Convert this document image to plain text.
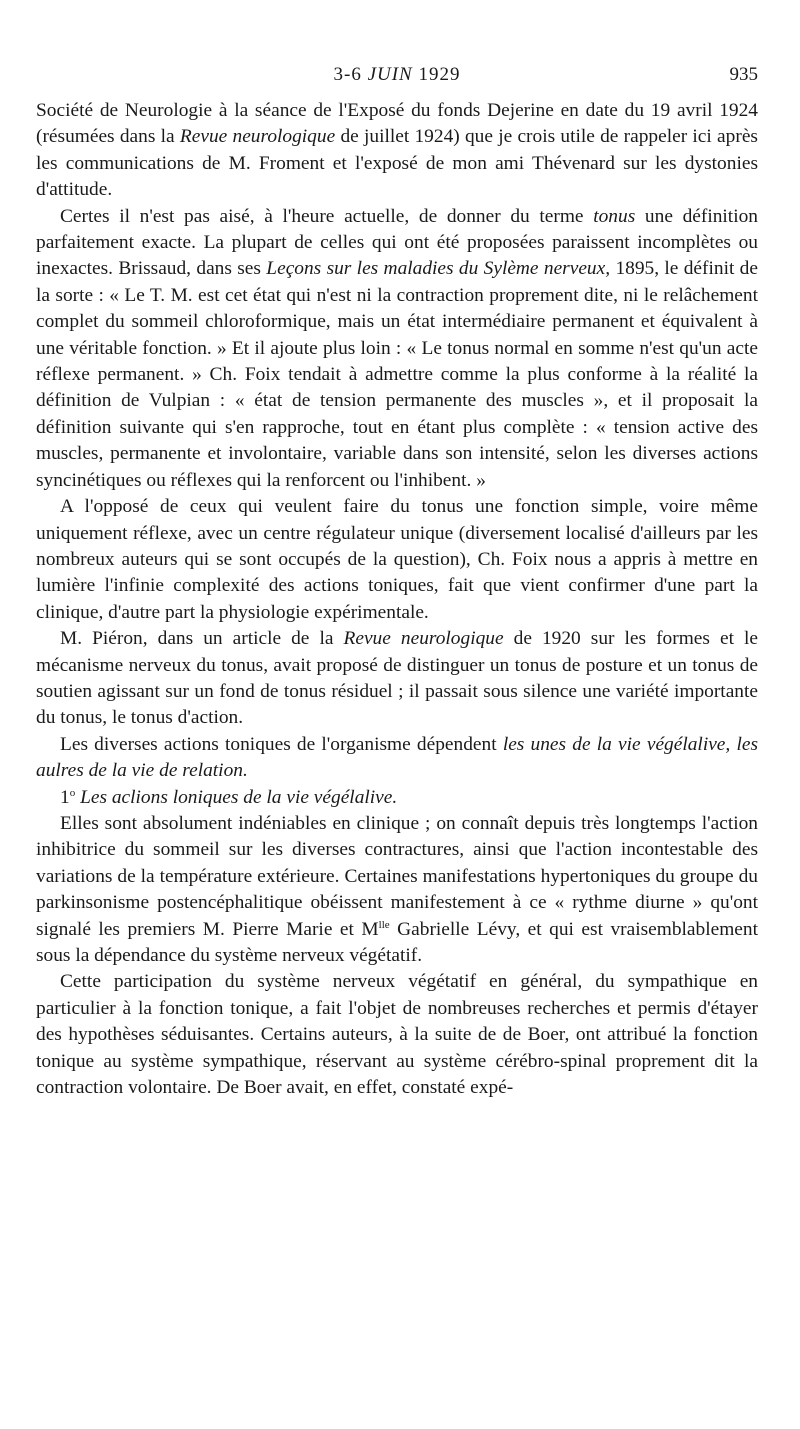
3-6 JUIN 1929	935

Société de Neurologie à la séance de l'Exposé du fonds Dejerine en date du 19 avril 1924 (résumées dans la Revue neurologique de juillet 1924) que je crois utile de rappeler ici après les communications de M. Froment et l'exposé de mon ami Thévenard sur les dystonies d'attitude.

Certes il n'est pas aisé, à l'heure actuelle, de donner du terme tonus une définition parfaitement exacte. La plupart de celles qui ont été proposées paraissent incomplètes ou inexactes. Brissaud, dans ses Leçons sur les maladies du Sylème nerveux, 1895, le définit de la sorte : « Le T. M. est cet état qui n'est ni la contraction proprement dite, ni le relâchement complet du sommeil chloroformique, mais un état intermédiaire permanent et équivalent à une véritable fonction. » Et il ajoute plus loin : « Le tonus normal en somme n'est qu'un acte réflexe permanent. » Ch. Foix tendait à admettre comme la plus conforme à la réalité la définition de Vulpian : « état de tension permanente des muscles », et il proposait la définition suivante qui s'en rapproche, tout en étant plus complète : « tension active des muscles, permanente et involontaire, variable dans son intensité, selon les diverses actions syncinétiques ou réflexes qui la renforcent ou l'inhibent. »

A l'opposé de ceux qui veulent faire du tonus une fonction simple, voire même uniquement réflexe, avec un centre régulateur unique (diversement localisé d'ailleurs par les nombreux auteurs qui se sont occupés de la question), Ch. Foix nous a appris à mettre en lumière l'infinie complexité des actions toniques, fait que vient confirmer d'une part la clinique, d'autre part la physiologie expérimentale.

M. Piéron, dans un article de la Revue neurologique de 1920 sur les formes et le mécanisme nerveux du tonus, avait proposé de distinguer un tonus de posture et un tonus de soutien agissant sur un fond de tonus résiduel ; il passait sous silence une variété importante du tonus, le tonus d'action.

Les diverses actions toniques de l'organisme dépendent les unes de la vie végélalive, les aulres de la vie de relation.

1$^o$ Les aclions loniques de la vie végélalive.

Elles sont absolument indéniables en clinique ; on connaît depuis très longtemps l'action inhibitrice du sommeil sur les diverses contractures, ainsi que l'action incontestable des variations de la température extérieure. Certaines manifestations hypertoniques du groupe du parkinsonisme postencéphalitique obéissent manifestement à ce « rythme diurne » qu'ont signalé les premiers M. Pierre Marie et $M^{lle}$ Gabrielle Lévy, et qui est vraisemblablement sous la dépendance du système nerveux végétatif.

Cette participation du système nerveux végétatif en général, du sympathique en particulier à la fonction tonique, a fait l'objet de nombreuses recherches et permis d'étayer des hypothèses séduisantes. Certains auteurs, à la suite de de Boer, ont attribué la fonction tonique au système sympathique, réservant au système cérébro-spinal proprement dit la contraction volontaire. De Boer avait, en effet, constaté expé-
